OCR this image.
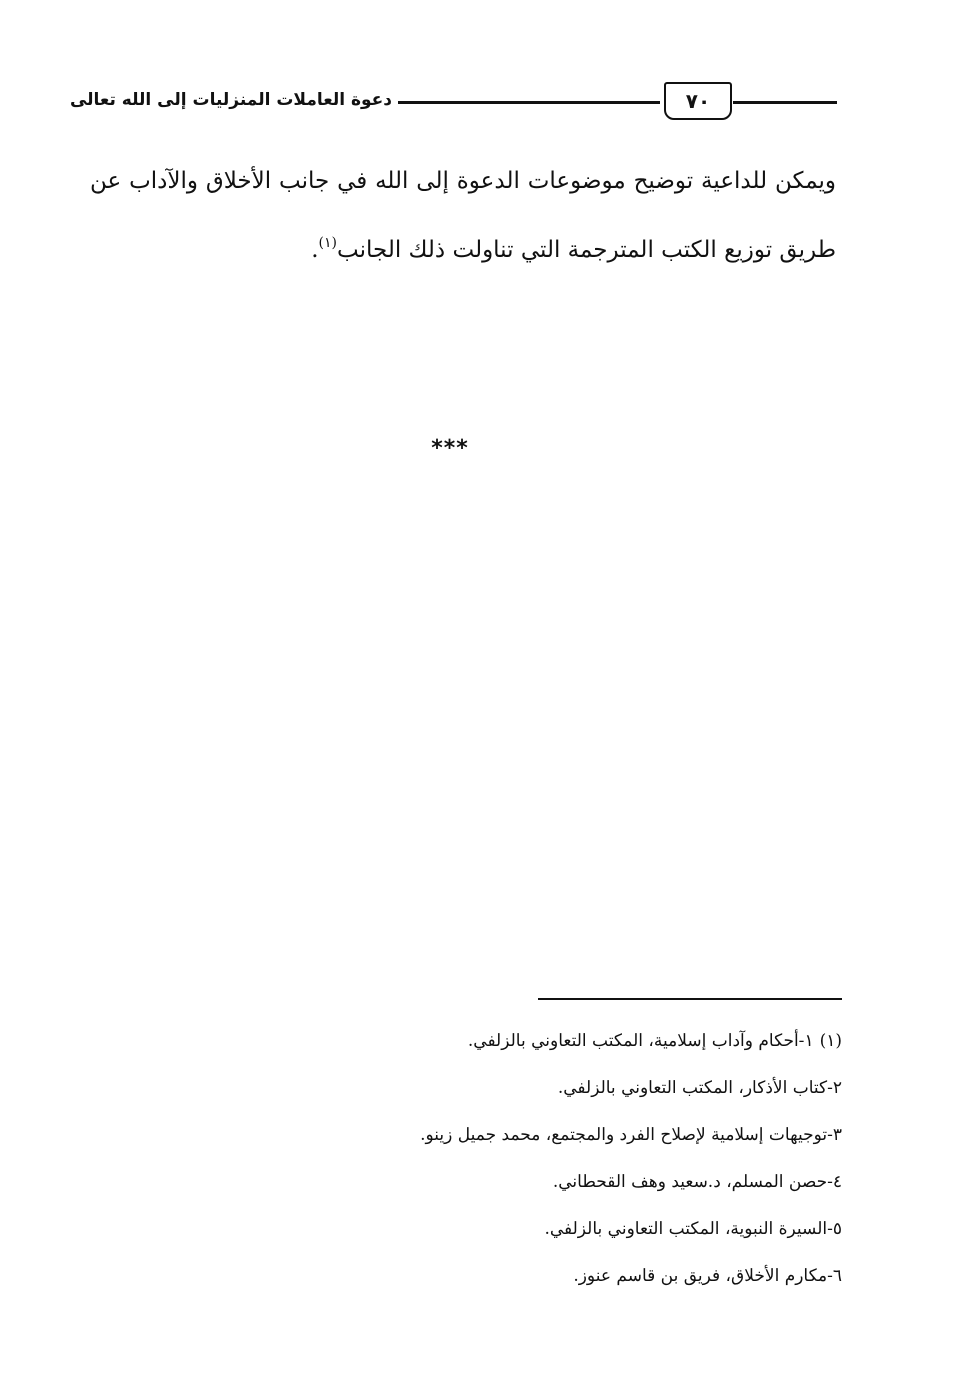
دعوة العاملات المنزليات إلى الله تعالى	٧٠
ويمكن للداعية توضيح موضوعات الدعوة إلى الله في جانب الأخلاق والآداب عن طريق توزيع الكتب المترجمة التي تناولت ذلك الجانب$^{(١)}$.
***
(١)١-أحكام وآداب إسلامية، المكتب التعاوني بالزلفي.
٢-كتاب الأذكار، المكتب التعاوني بالزلفي.
٣-توجيهات إسلامية لإصلاح الفرد والمجتمع، محمد جميل زينو.
٤-حصن المسلم، د.سعيد وهف القحطاني.
٥-السيرة النبوية، المكتب التعاوني بالزلفي.
٦-مكارم الأخلاق، فريق بن قاسم عنوز.
